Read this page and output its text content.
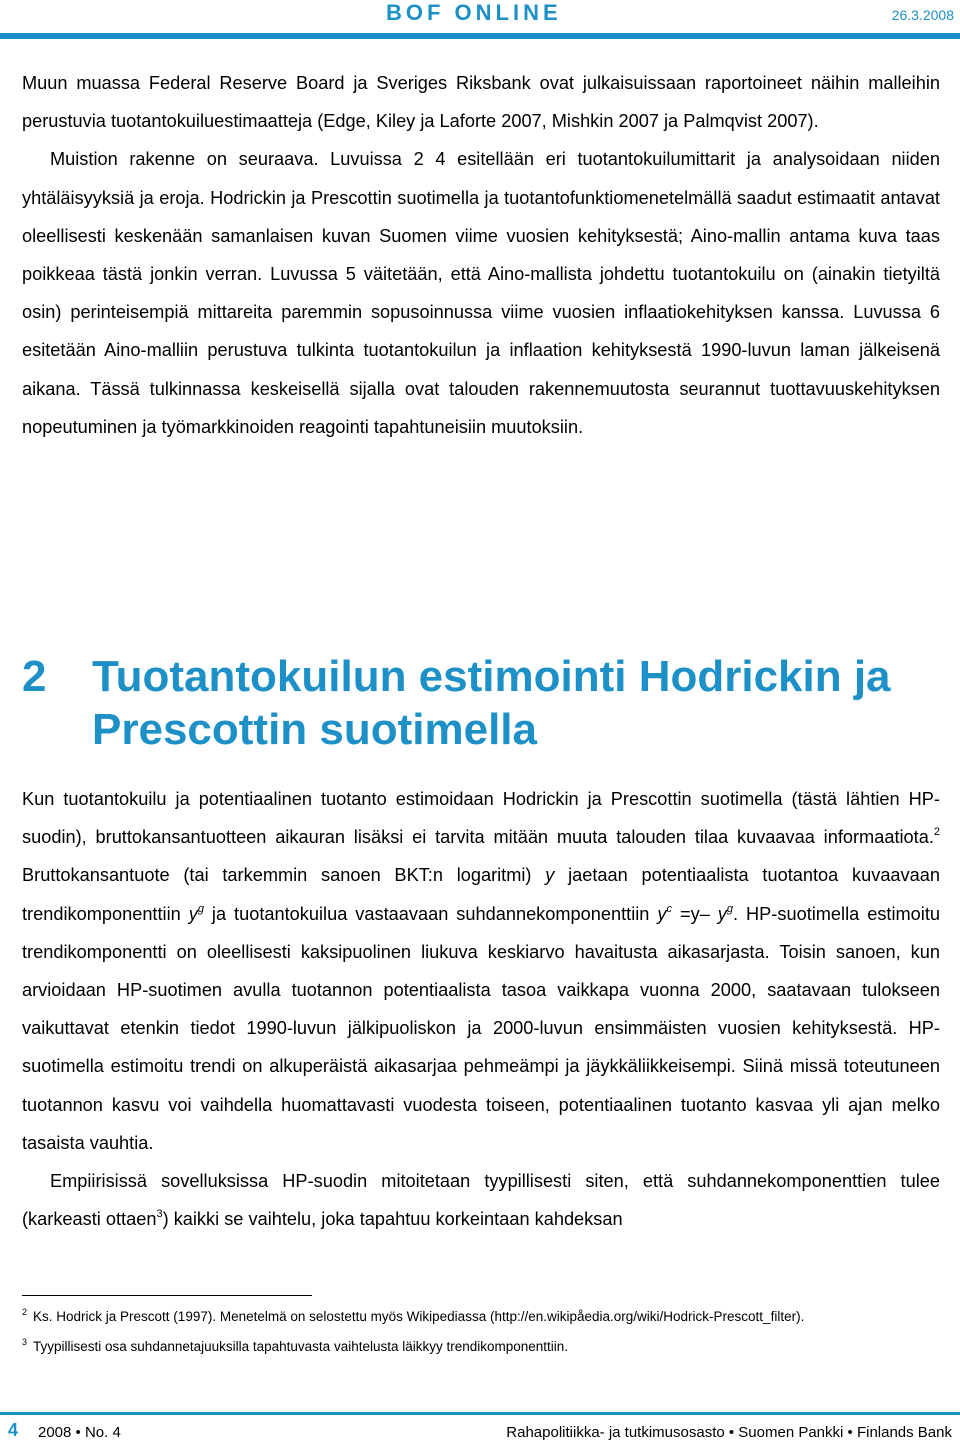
BOF ONLINE	26.3.2008
Muun muassa Federal Reserve Board ja Sveriges Riksbank ovat julkaisuissaan raportoineet näihin malleihin perustuvia tuotantokuiluestimaatteja (Edge, Kiley ja Laforte 2007, Mishkin 2007 ja Palmqvist 2007).
Muistion rakenne on seuraava. Luvuissa 2 4 esitellään eri tuotantokuilumittarit ja analysoidaan niiden yhtäläisyyksiä ja eroja. Hodrickin ja Prescottin suotimella ja tuotantofunktiomenetelmällä saadut estimaatit antavat oleellisesti keskenään samanlaisen kuvan Suomen viime vuosien kehityksestä; Aino-mallin antama kuva taas poikkeaa tästä jonkin verran. Luvussa 5 väitetään, että Aino-mallista johdettu tuotantokuilu on (ainakin tietyiltä osin) perinteisempiä mittareita paremmin sopusoinnussa viime vuosien inflaatiokehityksen kanssa. Luvussa 6 esitetään Aino-malliin perustuva tulkinta tuotantokuilun ja inflaation kehityksestä 1990-luvun laman jälkeisenä aikana. Tässä tulkinnassa keskeisellä sijalla ovat talouden rakennemuutosta seurannut tuottavuuskehityksen nopeutuminen ja työmarkkinoiden reagointi tapahtuneisiin muutoksiin.
2 Tuotantokuilun estimointi Hodrickin ja Prescottin suotimella
Kun tuotantokuilu ja potentiaalinen tuotanto estimoidaan Hodrickin ja Prescottin suotimella (tästä lähtien HP-suodin), bruttokansantuotteen aikauran lisäksi ei tarvita mitään muuta talouden tilaa kuvaavaa informaatiota.$^2$ Bruttokansantuote (tai tarkemmin sanoen BKT:n logaritmi) y jaetaan potentiaalista tuotantoa kuvaavaan trendikomponenttiin $y^g$ ja tuotantokuilua vastaavaan suhdannekomponenttiin $y^c =y-$ $y^g$. HP-suotimella estimoitu trendikomponentti on oleellisesti kaksipuolinen liukuva keskiarvo havaitusta aikasarjasta. Toisin sanoen, kun arvioidaan HP-suotimen avulla tuotannon potentiaalista tasoa vaikkapa vuonna 2000, saatavaan tulokseen vaikuttavat etenkin tiedot 1990-luvun jälkipuoliskon ja 2000-luvun ensimmäisten vuosien kehityksestä. HP-suotimella estimoitu trendi on alkuperäistä aikasarjaa pehmeämpi ja jäykkäliikkeisempi. Siinä missä toteutuneen tuotannon kasvu voi vaihdella huomattavasti vuodesta toiseen, potentiaalinen tuotanto kasvaa yli ajan melko tasaista vauhtia.
Empiirisissä sovelluksissa HP-suodin mitoitetaan tyypillisesti siten, että suhdannekomponenttien tulee (karkeasti ottaen$^3$) kaikki se vaihtelu, joka tapahtuu korkeintaan kahdeksan

$^2$ Ks. Hodrick ja Prescott (1997). Menetelmä on selostettu myös Wikipediassa (http://en.wikipåedia.org/wiki/Hodrick-Prescott_filter).

$^3$ Tyypillisesti osa suhdannetajuuksilla tapahtuvasta vaihtelusta läikkyy trendikomponenttiin.

4 2008 • No. 4	Rahapolitiikka- ja tutkimusosasto • Suomen Pankki • Finlands Bank
